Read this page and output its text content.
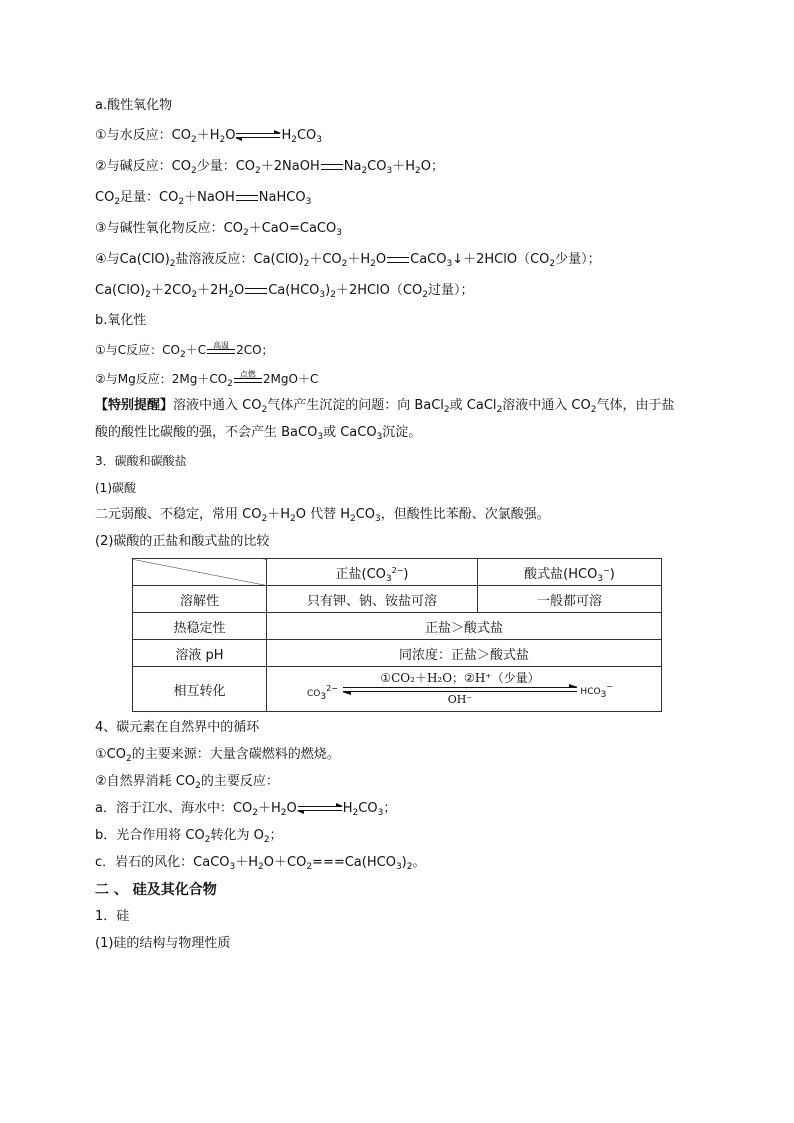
a.酸性氧化物
①与水反应：$CO_2+H_2O\rightleftharpoons H_2CO_3$
②与碱反应：$CO_2$少量：$CO_2+2NaOH$ $Na_2CO_3+H_2O$；
$CO_2$足量：$CO_2+NaOH$ NaHCO$_3$
③与碱性氧化物反应：$CO_2+CaO=CaCO_3$
④与$Ca(ClO)_2$盐溶液反应：$Ca(ClO)_2+CO_2+H_2O$ $CaCO_3↓+2HClO(CO_2$少量）；
$Ca(ClO)_2+2CO_2+2H_2O$ $Ca(HCO_3)_2+2HClO(CO_2$过量）；
b.氧化性
①与C反应：$CO_2+C$ 高温 2CO；
②与Mg反应：$2Mg+CO_2$
点燃 2MgO＋C
【特别提醒】溶液中通入 $CO_2$气体产生沉淀的问题：向 BaCl$_2$或 CaCl$_2$溶液中通入 $CO_2$气体，由于盐
酸的酸性比碳酸的强，不会产生 BaCO$_3$或 CaCO$_3$沉淀。
3．碳酸和碳酸盐
(1)碳酸
二元弱酸、不稳定，常用 $CO_2+H_2O$ 代替 $H_2CO_3$，但酸性比苯酚、次氯酸强。
(2)碳酸的正盐和酸式盐的比较
	正盐$(CO_3^{2-})$	酸式盐$(HCO_3^-)$
溶解性	只有钾、钠、铵盐可溶	一般都可溶
热稳定性	正盐＞酸式盐	
溶液 pH	同浓度：正盐＞酸式盐	
相互转化	$CO_3^{2-}$
①CO₂＋H₂O；②H⁺（少量）
OH⁻
$HCO_3^-$
4、碳元素在自然界中的循环
$①CO_2$的主要来源：大量含碳燃料的燃烧。
②自然界消耗 $CO_2$的主要反应：
a．溶于江水、海水中：$CO_2+H_2O\rightleftharpoons H_2CO_3$；
b．光合作用将 $CO_2$转化为 $O_2$；
c．岩石的风化：$CaCO_3+H_2O+CO_2===Ca(HCO_3)_2$。
二 、 硅及其化合物
1．硅
(1)硅的结构与物理性质
